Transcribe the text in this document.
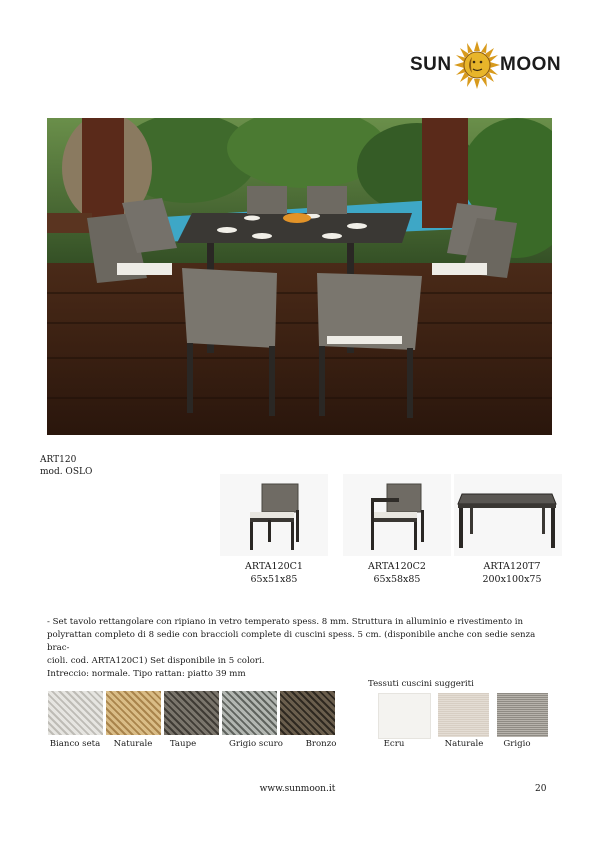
SUN	MOON
ART120
mod. OSLO
ARTA120C1
65x51x85
ARTA120C2
65x58x85
ARTA120T7
200x100x75

- Set tavolo rettangolare con ripiano in vetro temperato spess. 8 mm. Struttura in alluminio e rivestimento in

polyrattan completo di 8 sedie con braccioli complete di cuscini spess. 5 cm. (disponibile anche con sedie senza brac-

cioli. cod. ARTA120C1) Set disponibile in 5 colori.

Intreccio: normale. Tipo rattan: piatto 39 mm

Bianco seta	Naturale	Taupe	Grigio scuro	Bronzo
Tessuti cuscini suggeriti
Ecru	Naturale	Grigio
www.sunmoon.it	20
